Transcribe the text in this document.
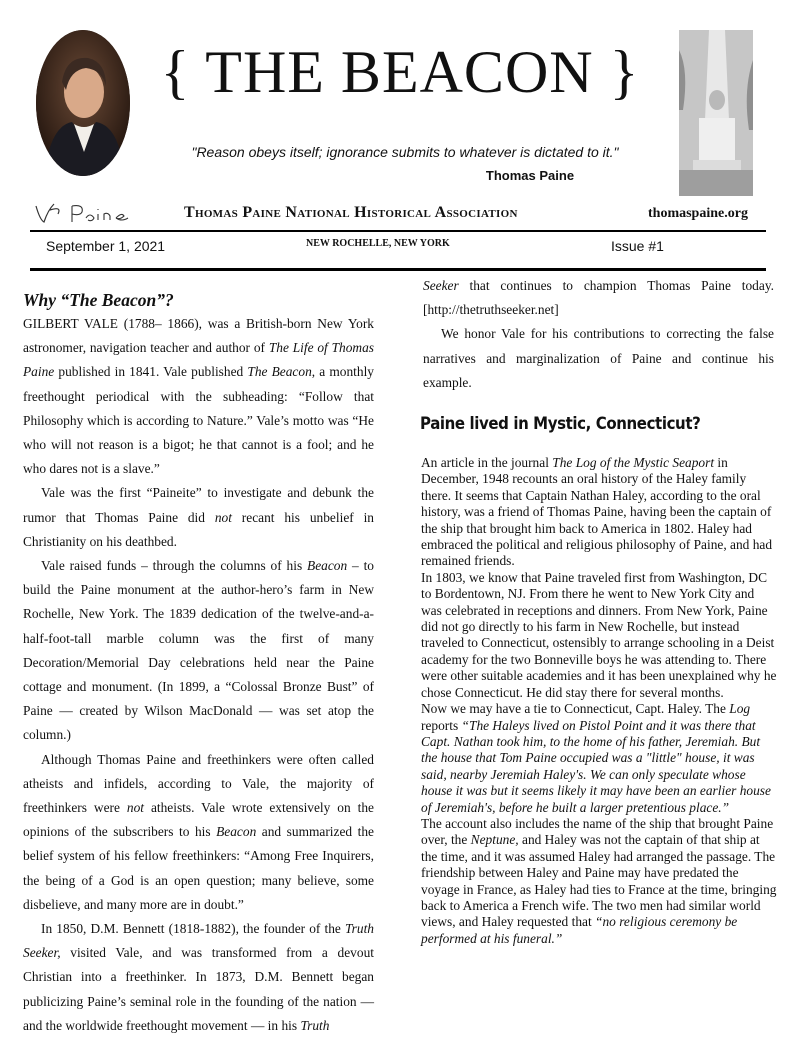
{ THE BEACON }
"Reason obeys itself; ignorance submits to whatever is dictated to it."
Thomas Paine
Thomas Paine National Historical Association	thomaspaine.org
September 1, 2021	NEW ROCHELLE, NEW YORK	Issue #1
Why “The Beacon”?

GILBERT VALE (1788– 1866), was a British-born New York astronomer, navigation teacher and author of The Life of Thomas Paine published in 1841. Vale published The Beacon, a monthly freethought periodical with the subheading: “Follow that Philosophy which is according to Nature.” Vale’s motto was “He who will not reason is a bigot; he that cannot is a fool; and he who dares not is a slave.”

Vale was the first “Paineite” to investigate and debunk the rumor that Thomas Paine did not recant his unbelief in Christianity on his deathbed.

Vale raised funds – through the columns of his Beacon – to build the Paine monument at the author-hero’s farm in New Rochelle, New York. The 1839 dedication of the twelve-and-a-half-foot-tall marble column was the first of many Decoration/Memorial Day celebrations held near the Paine cottage and monument. (In 1899, a “Colossal Bronze Bust” of Paine — created by Wilson MacDonald — was set atop the column.)

Although Thomas Paine and freethinkers were often called atheists and infidels, according to Vale, the majority of freethinkers were not atheists. Vale wrote extensively on the opinions of the subscribers to his Beacon and summarized the belief system of his fellow freethinkers: “Among Free Inquirers, the being of a God is an open question; many believe, some disbelieve, and many more are in doubt.”

In 1850, D.M. Bennett (1818-1882), the founder of the Truth Seeker, visited Vale, and was transformed from a devout Christian into a freethinker. In 1873, D.M. Bennett began publicizing Paine’s seminal role in the founding of the nation — and the worldwide freethought movement — in his Truth

Seeker that continues to champion Thomas Paine today. [http://thetruthseeker.net]

We honor Vale for his contributions to correcting the false narratives and marginalization of Paine and continue his example.

Paine lived in Mystic, Connecticut?

An article in the journal The Log of the Mystic Seaport in December, 1948 recounts an oral history of the Haley family there. It seems that Captain Nathan Haley, according to the oral history, was a friend of Thomas Paine, having been the captain of the ship that brought him back to America in 1802. Haley had embraced the political and religious philosophy of Paine, and had remained friends.

In 1803, we know that Paine traveled first from Washington, DC to Bordentown, NJ. From there he went to New York City and was celebrated in receptions and dinners. From New York, Paine did not go directly to his farm in New Rochelle, but instead traveled to Connecticut, ostensibly to arrange schooling in a Deist academy for the two Bonneville boys he was attending to. There were other suitable academies and it has been unexplained why he chose Connecticut. He did stay there for several months.

Now we may have a tie to Connecticut, Capt. Haley. The Log reports “The Haleys lived on Pistol Point and it was there that Capt. Nathan took him, to the home of his father, Jeremiah. But the house that Tom Paine occupied was a "little" house, it was said, nearby Jeremiah Haley's. We can only speculate whose house it was but it seems likely it may have been an earlier house of Jeremiah's, before he built a larger pretentious place.”

The account also includes the name of the ship that brought Paine over, the Neptune, and Haley was not the captain of that ship at the time, and it was assumed Haley had arranged the passage. The friendship between Haley and Paine may have predated the voyage in France, as Haley had ties to France at the time, bringing back to America a French wife. The two men had similar world views, and Haley requested that “no religious ceremony be performed at his funeral.”
